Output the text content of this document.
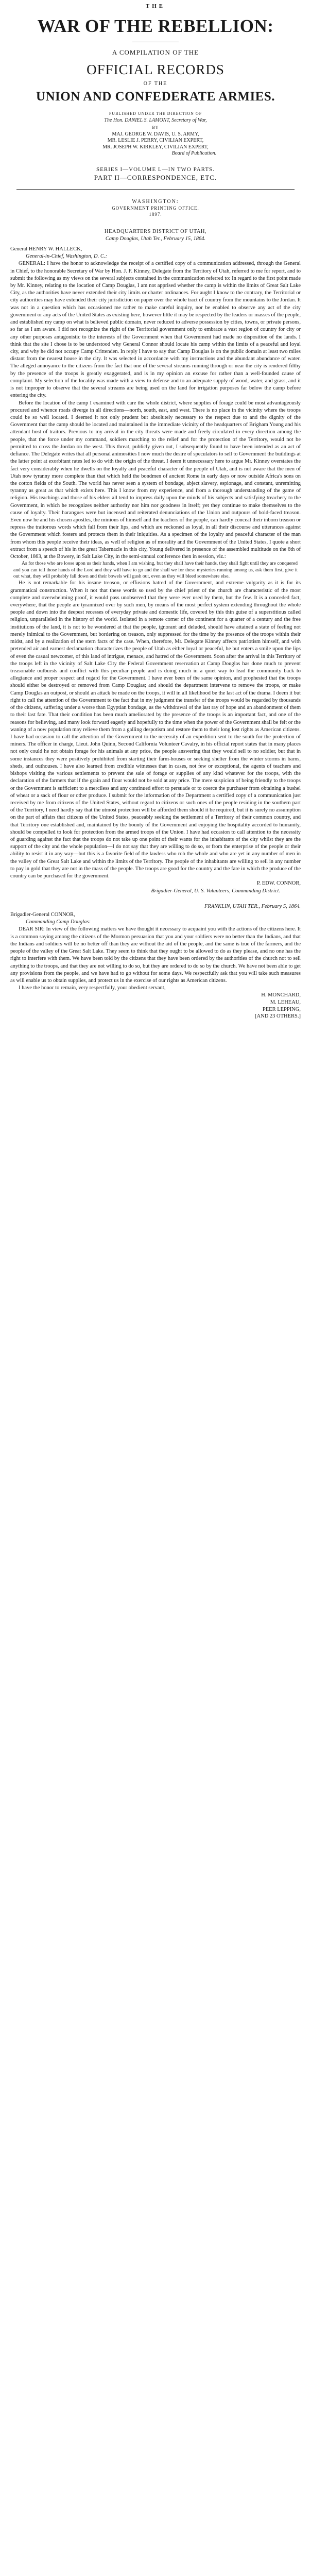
THE
WAR OF THE REBELLION:
A COMPILATION OF THE
OFFICIAL RECORDS
OF THE
UNION AND CONFEDERATE ARMIES.
PUBLISHED UNDER THE DIRECTION OF
The Hon. DANIEL S. LAMONT, Secretary of War,
BY
MAJ. GEORGE W. DAVIS, U. S. ARMY,
MR. LESLIE J. PERRY, CIVILIAN EXPERT,
MR. JOSEPH W. KIRKLEY, CIVILIAN EXPERT,
Board of Publication.
SERIES I—VOLUME L—IN TWO PARTS.
PART II—CORRESPONDENCE, ETC.
WASHINGTON:
GOVERNMENT PRINTING OFFICE.
1897.
HEADQUARTERS DISTRICT OF UTAH,
Camp Douglas, Utah Ter., February 15, 1864.
General HENRY W. HALLECK,
General-in-Chief, Washington, D. C.:

GENERAL: I have the honor to acknowledge the receipt of a certified copy of a communication addressed, through the General in Chief, to the honorable Secretary of War by Hon. J. F. Kinney, Delegate from the Territory of Utah, referred to me for report, and to submit the following as my views on the several subjects contained in the communication referred to: In regard to the first point made by Mr. Kinney, relating to the location of Camp Douglas, I am not apprised whether the camp is within the limits of Great Salt Lake City, as the authorities have never extended their city limits or charter ordinances. For aught I know to the contrary, the Territorial or city authorities may have extended their city jurisdiction on paper over the whole tract of country from the mountains to the Jordan. It was not in a question which has occasioned me rather to make careful inquiry, nor be enabled to observe any act of the city government or any acts of the United States as existing here, however little it may be respected by the leaders or masses of the people, and established my camp on what is believed public domain, never reduced to adverse possession by cities, towns, or private persons, so far as I am aware. I did not recognize the right of the Territorial government only to embrace a vast region of country for city or any other purposes antagonistic to the interests of the Government when that Government had made no disposition of the lands. I think that the site I chose is to be understood why General Connor should locate his camp within the limits of a peaceful and loyal city, and why he did not occupy Camp Crittenden. In reply I have to say that Camp Douglas is on the public domain at least two miles distant from the nearest house in the city. It was selected in accordance with my instructions and the abundant abundance of water. The alleged annoyance to the citizens from the fact that one of the several streams running through or near the city is rendered filthy by the presence of the troops is greatly exaggerated, and is in my opinion an excuse for rather than a well-founded cause of complaint. My selection of the locality was made with a view to defense and to an adequate supply of wood, water, and grass, and it is not improper to observe that the several streams are being used on the land for irrigation purposes far below the camp before entering the city.

Before the location of the camp I examined with care the whole district, where supplies of forage could be most advantageously procured and whence roads diverge in all directions—north, south, east, and west. There is no place in the vicinity where the troops could be so well located. I deemed it not only prudent but absolutely necessary to the respect due to and the dignity of the Government that the camp should be located and maintained in the immediate vicinity of the headquarters of Brigham Young and his attendant host of traitors. Previous to my arrival in the city threats were made and freely circulated in every direction among the people, that the force under my command, soldiers marching to the relief and for the protection of the Territory, would not be permitted to cross the Jordan on the west. This threat, publicly given out, I subsequently found to have been intended as an act of defiance. The Delegate writes that all personal animosities I now much the desire of speculators to sell to Government the buildings at the latter point at exorbitant rates led to do with the origin of the threat. I deem it unnecessary here to argue Mr. Kinney overstates the fact very considerably when he dwells on the loyalty and peaceful character of the people of Utah, and is not aware that the men of Utah now tyranny more complete than that which held the bondmen of ancient Rome in early days or now outside Africa's sons on the cotton fields of the South. The world has never seen a system of bondage, abject slavery, espionage, and constant, unremitting tyranny as great as that which exists here. This I know from my experience, and from a thorough understanding of the game of religion. His teachings and those of his elders all tend to impress daily upon the minds of his subjects and satisfying treachery to the Government, in which he recognizes neither authority nor him nor goodness in itself; yet they continue to make themselves to the cause of loyalty. Their harangues were but incensed and reiterated denunciations of the Union and outpours of bold-faced treason. Even now he and his chosen apostles, the minions of himself and the teachers of the people, can hardly conceal their inborn treason or repress the traitorous words which fall from their lips, and which are reckoned as loyal, in all their discourse and utterances against the Government which fosters and protects them in their iniquities. As a specimen of the loyalty and peaceful character of the man from whom this people receive their ideas, as well of religion as of morality and the Government of the United States, I quote a short extract from a speech of his in the great Tabernacle in this city, Young delivered in presence of the assembled multitude on the 6th of October, 1863, at the Bowery, in Salt Lake City, in the semi-annual conference then in session, viz.:

As for those who are loose upon us their hands, when I am wishing, but they shall have their hands, they shall fight until they are conquered and you can tell those hands of the Lord and they will have to go and the shall we for these mysteries running among us, ask them first, give it out what, they will probably fall down and their bowels will gush out, even as they will bleed somewhere else.

He is not remarkable for his insane treason, or effusions hatred of the Government, and extreme vulgarity as it is for its grammatical construction. When it not that these words so used by the chief priest of the church are characteristic of the most complete and overwhelming proof, it would pass unobserved that they were ever used by them, but the few. It is a conceded fact, everywhere, that the people are tyrannized over by such men, by means of the most perfect system extending throughout the whole people and down into the deepest recesses of everyday private and domestic life, covered by this thin guise of a superstitious called religion, unparalleled in the history of the world. Isolated in a remote corner of the continent for a quarter of a century and the free institutions of the land, it is not to be wondered at that the people, ignorant and deluded, should have attained a state of feeling not merely inimical to the Government, but bordering on treason, only suppressed for the time by the presence of the troops within their midst, and by a realization of the stern facts of the case. When, therefore, Mr. Delegate Kinney affects patriotism himself, and with pretended air and earnest declamation characterizes the people of Utah as either loyal or peaceful, he but enters a smile upon the lips of even the casual newcomer, of this land of intrigue, menace, and hatred of the Government. Soon after the arrival in this Territory of the troops left in the vicinity of Salt Lake City the Federal Government reservation at Camp Douglas has done much to prevent treasonable outbursts and conflict with this peculiar people and is doing much in a quiet way to lead the community back to allegiance and proper respect and regard for the Government. I have ever been of the same opinion, and prophesied that the troops should either be destroyed or removed from Camp Douglas; and should the department intervene to remove the troops, or make Camp Douglas an outpost, or should an attack be made on the troops, it will in all likelihood be the last act of the drama. I deem it but right to call the attention of the Government to the fact that in my judgment the transfer of the troops would be regarded by thousands of the citizens, suffering under a worse than Egyptian bondage, as the withdrawal of the last ray of hope and an abandonment of them to their last fate. That their condition has been much ameliorated by the presence of the troops is an important fact, and one of the reasons for believing, and many look forward eagerly and hopefully to the time when the power of the Government shall be felt or the waning of a now population may relieve them from a galling despotism and restore them to their long lost rights as American citizens. I have had occasion to call the attention of the Government to the necessity of an expedition sent to the south for the protection of miners. The officer in charge, Lieut. John Quinn, Second California Volunteer Cavalry, in his official report states that in many places not only could he not obtain forage for his animals at any price, the people answering that they would sell to no soldier, but that in some instances they were positively prohibited from starting their farm-houses or seeking shelter from the winter storms in barns, sheds, and outhouses. I have also learned from credible witnesses that in cases, not few or exceptional, the agents of teachers and bishops visiting the various settlements to prevent the sale of forage or supplies of any kind whatever for the troops, with the declaration of the farmers that if the grain and flour would not be sold at any price. The mere suspicion of being friendly to the troops or the Government is sufficient to a merciless and any continued effort to persuade or to coerce the purchaser from obtaining a bushel of wheat or a sack of flour or other produce. I submit for the information of the Department a certified copy of a communication just received by me from citizens of the United States, without regard to citizens or such ones of the people residing in the southern part of the Territory, I need hardly say that the utmost protection will be afforded them should it be required, but it is surely no assumption on the part of affairs that citizens of the United States, peaceably seeking the settlement of a Territory of their common country, and that Territory one established and, maintained by the bounty of the Government and enjoying the hospitality accorded to humanity, should be compelled to look for protection from the armed troops of the Union. I have had occasion to call attention to the necessity of guarding against the fact that the troops do not take up one point of their wants for the inhabitants of the city whilst they are the support of the city and the whole population—I do not say that they are willing to do so, or from the enterprise of the people or their ability to resist it in any way—but this is a favorite field of the lawless who rob the whole and who are yet in any number of men in the valley of the Great Salt Lake and within the limits of the Territory. The people of the inhabitants are willing to sell in any number to pay in gold that they are not in the mass of the people. The troops are good for the country and the fare in which the produce of the country can be purchased for the government.

P. EDW. CONNOR,
Brigadier-General, U. S. Volunteers, Commanding District.
FRANKLIN, UTAH TER., February 5, 1864.
Brigadier-General CONNOR,
Commanding Camp Douglas:

DEAR SIR: In view of the following matters we have thought it necessary to acquaint you with the actions of the citizens here. It is a common saying among the citizens of the Mormon persuasion that you and your soldiers were no better than the Indians, and that the Indians and soldiers will be no better off than they are without the aid of the people, and the same is true of the farmers, and the people of the valley of the Great Salt Lake. They seem to think that they ought to be allowed to do as they please, and no one has the right to interfere with them. We have been told by the citizens that they have been ordered by the authorities of the church not to sell anything to the troops, and that they are not willing to do so, but they are ordered to do so by the church. We have not been able to get any provisions from the people, and we have had to go without for some days. We respectfully ask that you will take such measures as will enable us to obtain supplies, and protect us in the exercise of our rights as American citizens.

I have the honor to remain, very respectfully, your obedient servant,

H. MONCHARD,
M. LEHEAU,
PEER LEPPING,
[AND 23 OTHERS.]
